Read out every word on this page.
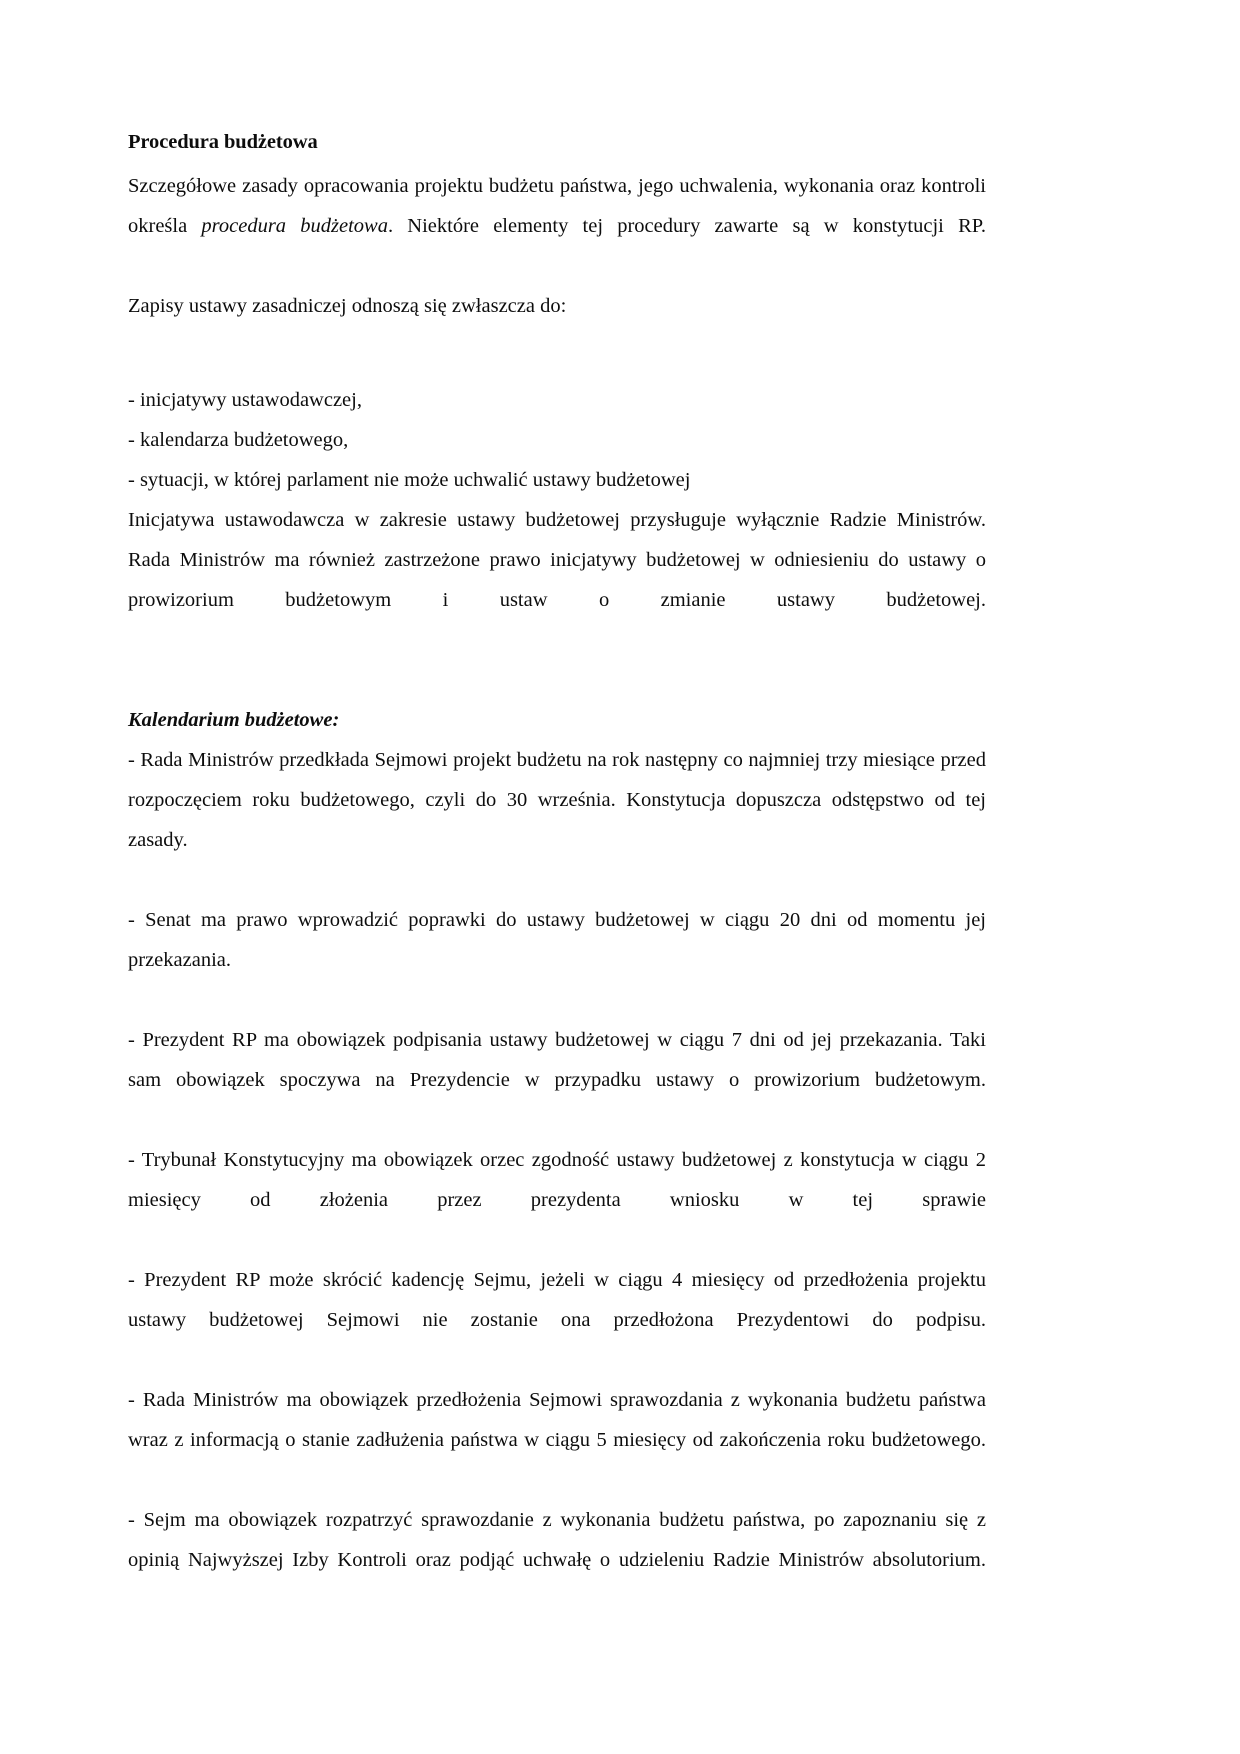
Procedura budżetowa

Szczegółowe zasady opracowania projektu budżetu państwa, jego uchwalenia, wykonania oraz kontroli określa procedura budżetowa. Niektóre elementy tej procedury zawarte są w konstytucji RP.

Zapisy ustawy zasadniczej odnoszą się zwłaszcza do:

- inicjatywy ustawodawczej,

- kalendarza budżetowego,

- sytuacji, w której parlament nie może uchwalić ustawy budżetowej

Inicjatywa ustawodawcza w zakresie ustawy budżetowej przysługuje wyłącznie Radzie Ministrów. Rada Ministrów ma również zastrzeżone prawo inicjatywy budżetowej w odniesieniu do ustawy o prowizorium budżetowym i ustaw o zmianie ustawy budżetowej.

Kalendarium budżetowe:

- Rada Ministrów przedkłada Sejmowi projekt budżetu na rok następny co najmniej trzy miesiące przed rozpoczęciem roku budżetowego, czyli do 30 września. Konstytucja dopuszcza odstępstwo od tej zasady.

- Senat ma prawo wprowadzić poprawki do ustawy budżetowej w ciągu 20 dni od momentu jej przekazania.

- Prezydent RP ma obowiązek podpisania ustawy budżetowej w ciągu 7 dni od jej przekazania. Taki sam obowiązek spoczywa na Prezydencie w przypadku ustawy o prowizorium budżetowym.

- Trybunał Konstytucyjny ma obowiązek orzec zgodność ustawy budżetowej z konstytucja w ciągu 2 miesięcy od złożenia przez prezydenta wniosku w tej sprawie

- Prezydent RP może skrócić kadencję Sejmu, jeżeli w ciągu 4 miesięcy od przedłożenia projektu ustawy budżetowej Sejmowi nie zostanie ona przedłożona Prezydentowi do podpisu.

- Rada Ministrów ma obowiązek przedłożenia Sejmowi sprawozdania z wykonania budżetu państwa wraz z informacją o stanie zadłużenia państwa w ciągu 5 miesięcy od zakończenia roku budżetowego.

- Sejm ma obowiązek rozpatrzyć sprawozdanie z wykonania budżetu państwa, po zapoznaniu się z opinią Najwyższej Izby Kontroli oraz podjąć uchwałę o udzieleniu Radzie Ministrów absolutorium.
